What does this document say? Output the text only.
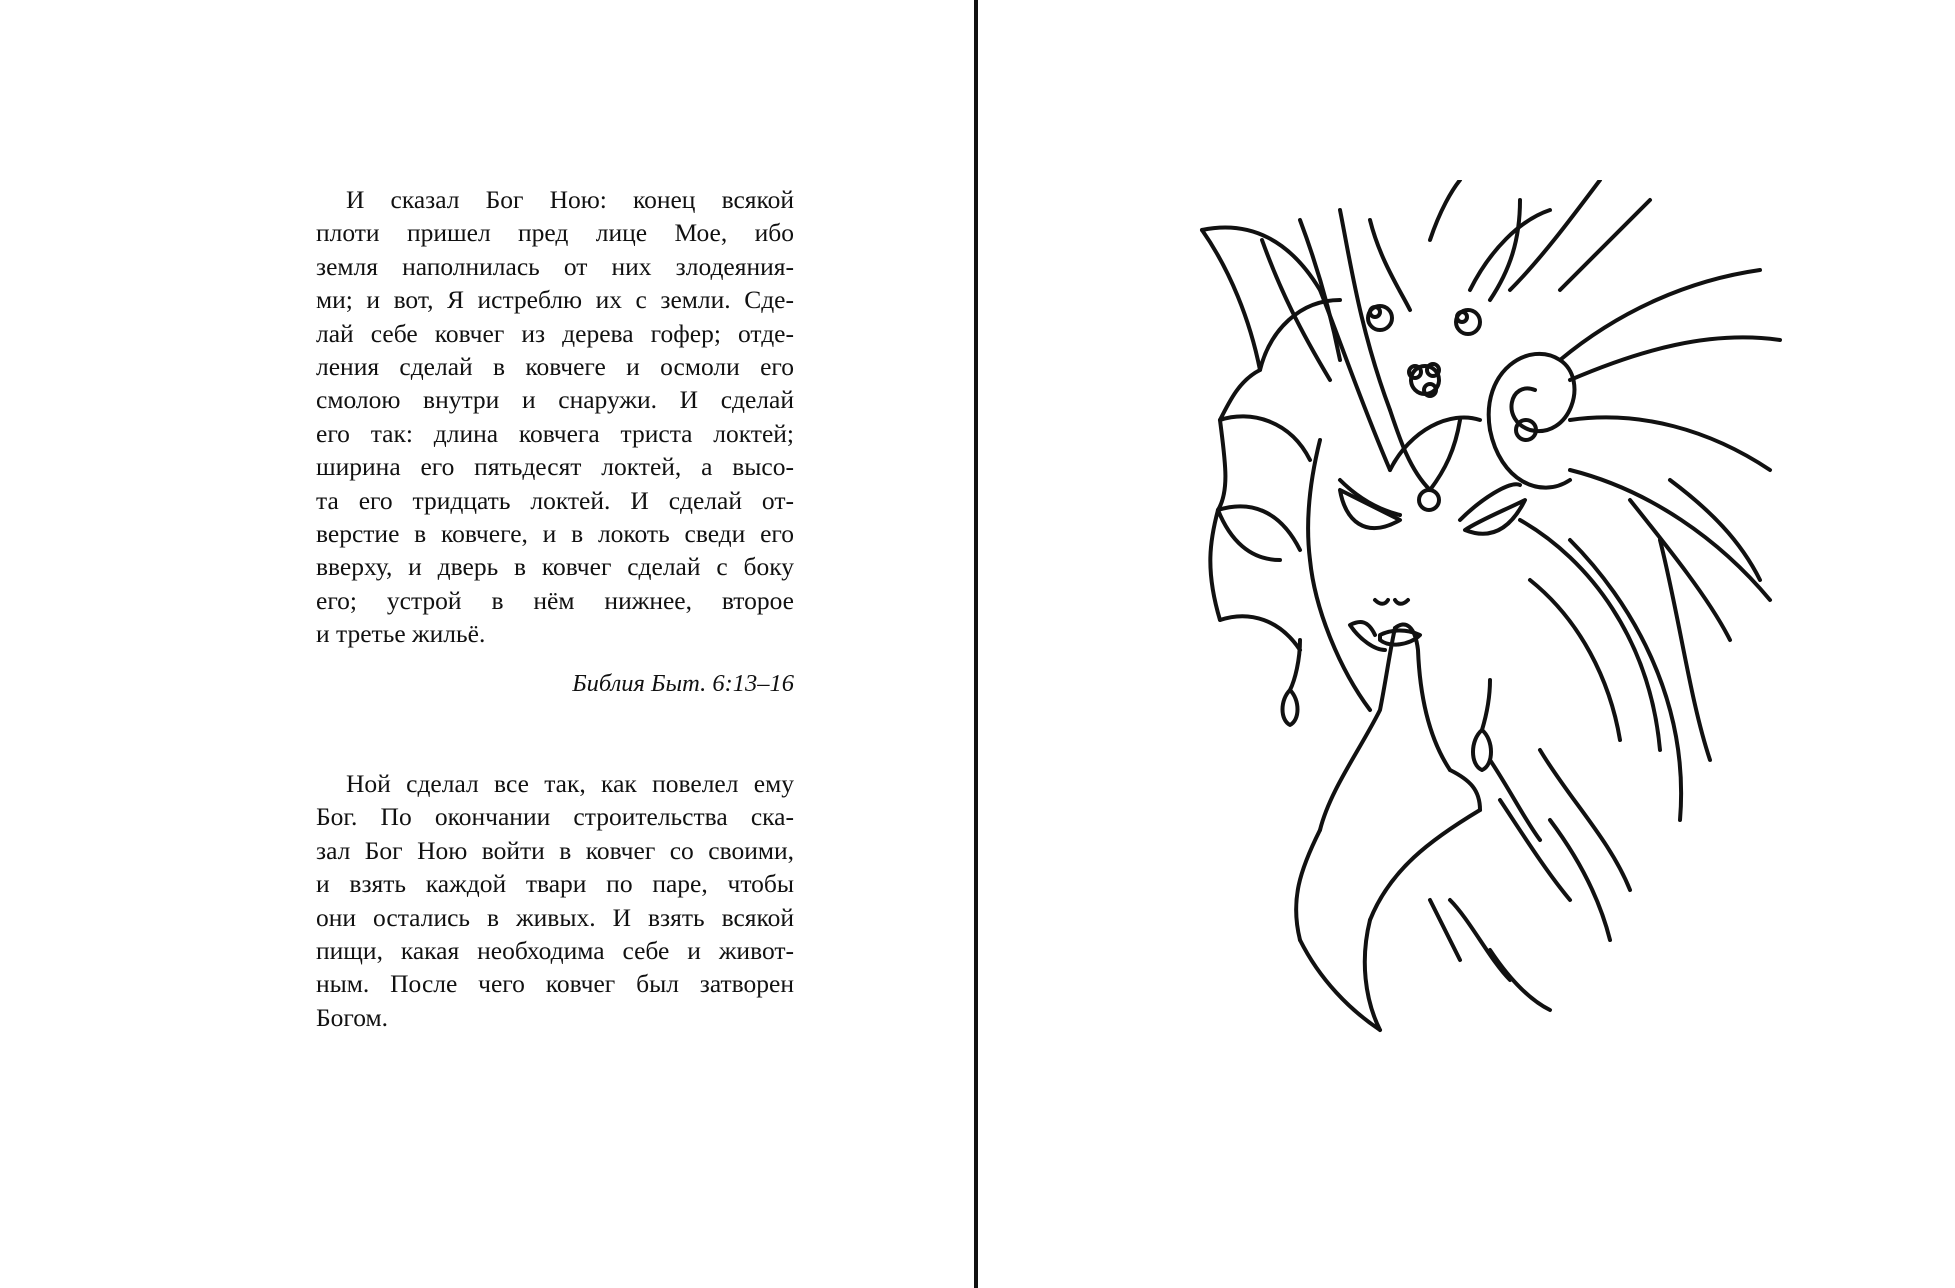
И сказал Бог Ною: конец всякой
плоти пришел пред лице Мое, ибо
земля наполнилась от них злодеяния-
ми; и вот, Я истреблю их с земли. Сде-
лай себе ковчег из дерева гофер; отде-
ления сделай в ковчеге и осмоли его
смолою внутри и снаружи. И сделай
его так: длина ковчега триста локтей;
ширина его пятьдесят локтей, а высо-
та его тридцать локтей. И сделай от-
верстие в ковчеге, и в локоть сведи его
вверху, и дверь в ковчег сделай с боку
его; устрой в нём нижнее, второе
и третье жильё.
Библия Быт. 6:13–16
Ной сделал все так, как повелел ему
Бог. По окончании строительства ска-
зал Бог Ною войти в ковчег со своими,
и взять каждой твари по паре, чтобы
они остались в живых. И взять всякой
пищи, какая необходима себе и живот-
ным. После чего ковчег был затворен
Богом.
